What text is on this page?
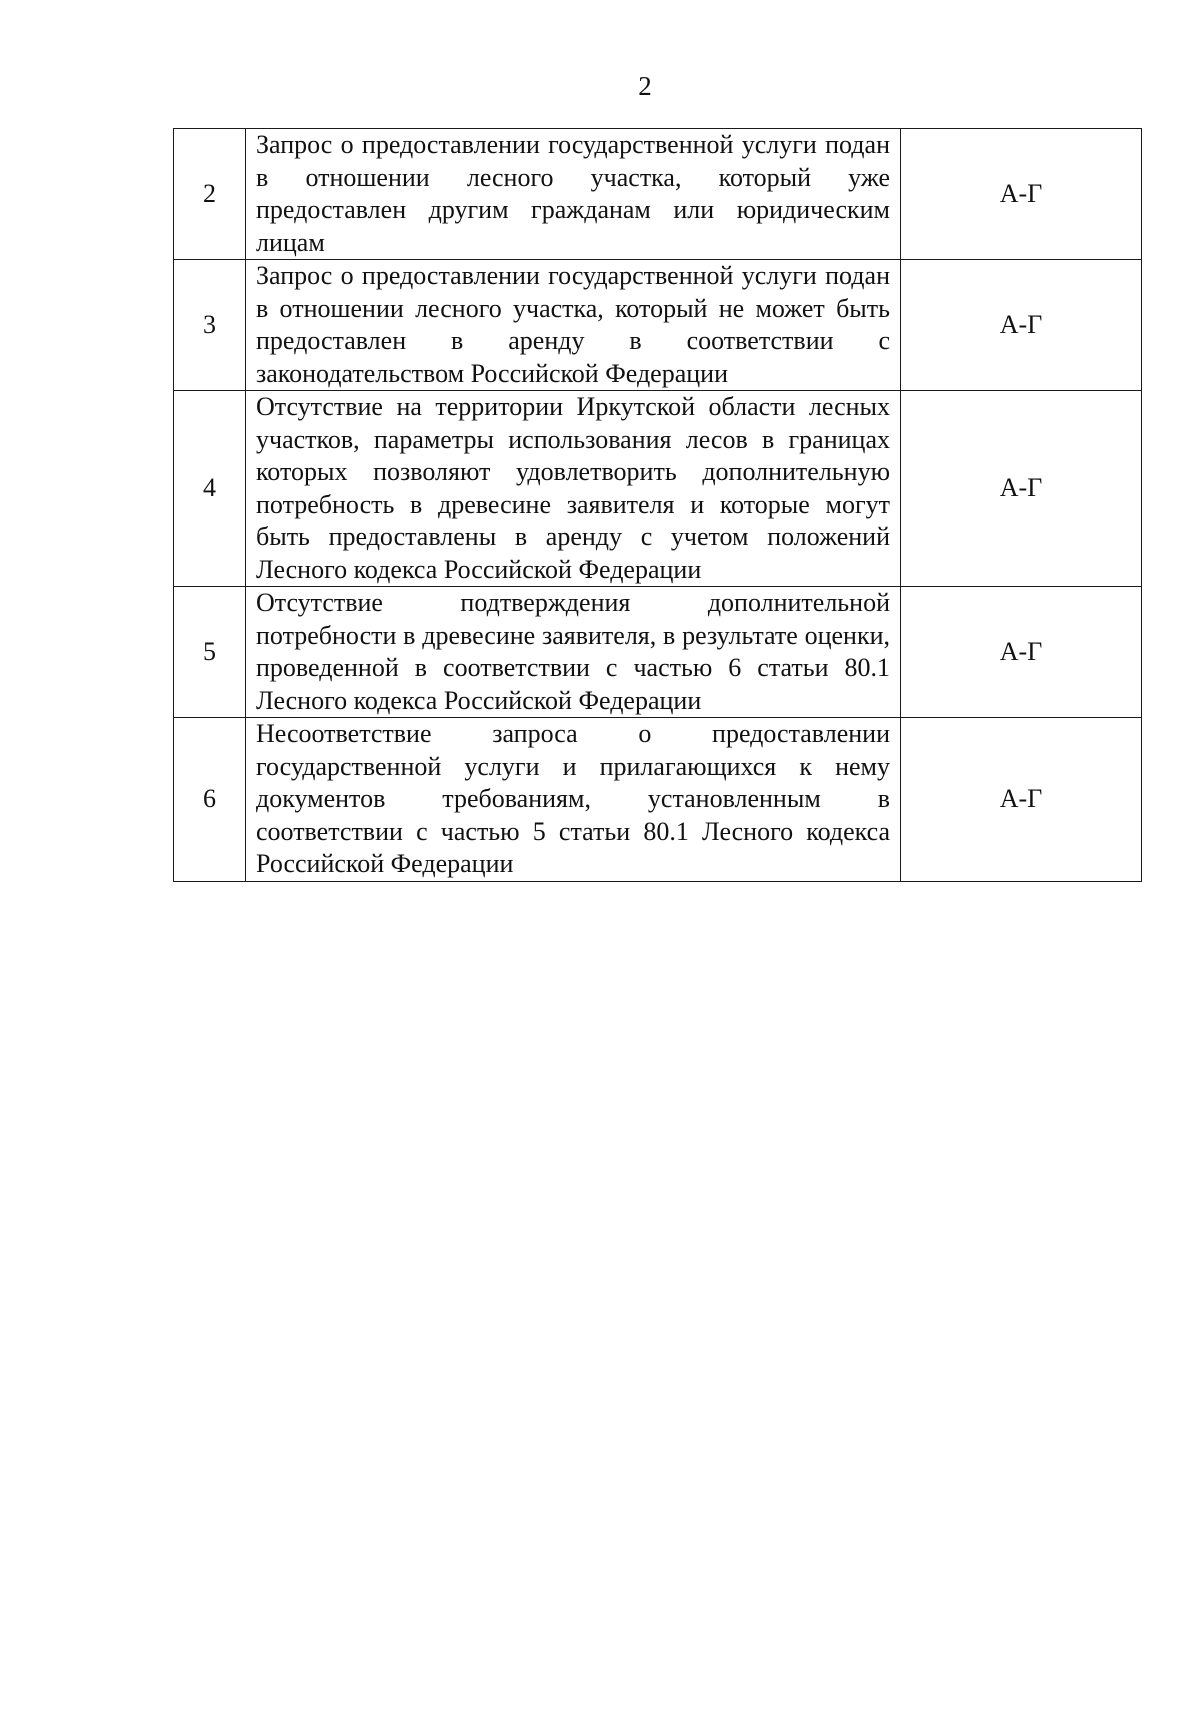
2
2	Запрос о предоставлении государственной услуги подан в отношении лесного участка, который уже предоставлен другим гражданам или юридическим лицам	А-Г
3	Запрос о предоставлении государственной услуги подан в отношении лесного участка, который не может быть предоставлен в аренду в соответствии с законодательством Российской Федерации	А-Г
4	Отсутствие на территории Иркутской области лесных участков, параметры использования лесов в границах которых позволяют удовлетворить дополнительную потребность в древесине заявителя и которые могут быть предоставлены в аренду с учетом положений Лесного кодекса Российской Федерации	А-Г
5	Отсутствие подтверждения дополнительной потребности в древесине заявителя, в результате оценки, проведенной в соответствии с частью 6 статьи 80.1 Лесного кодекса Российской Федерации	А-Г
6	Несоответствие запроса о предоставлении государственной услуги и прилагающихся к нему документов требованиям, установленным в соответствии с частью 5 статьи 80.1 Лесного кодекса Российской Федерации	А-Г
